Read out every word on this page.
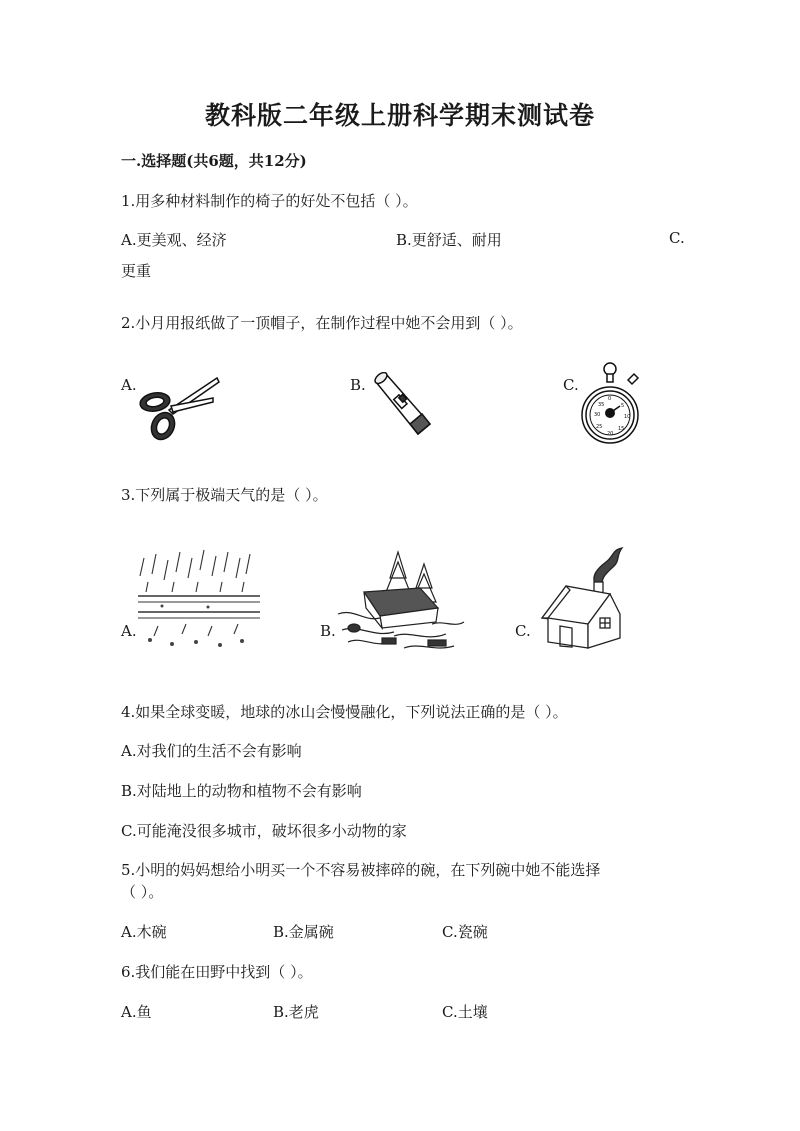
教科版二年级上册科学期末测试卷
一.选择题(共6题，共12分)
1.用多种材料制作的椅子的好处不包括（ ）。
A.更美观、经济	B.更舒适、耐用	C.
更重
2.小月用报纸做了一顶帽子，在制作过程中她不会用到（ ）。
A.	B.	C.
0
5
10
15
20
25
30
35
3.下列属于极端天气的是（ ）。
A.	B.	C.
4.如果全球变暖，地球的冰山会慢慢融化，下列说法正确的是（ ）。
A.对我们的生活不会有影响
B.对陆地上的动物和植物不会有影响
C.可能淹没很多城市，破坏很多小动物的家
5.小明的妈妈想给小明买一个不容易被摔碎的碗，在下列碗中她不能选择
（ ）。
A.木碗	B.金属碗	C.瓷碗
6.我们能在田野中找到（ ）。
A.鱼	B.老虎	C.土壤
